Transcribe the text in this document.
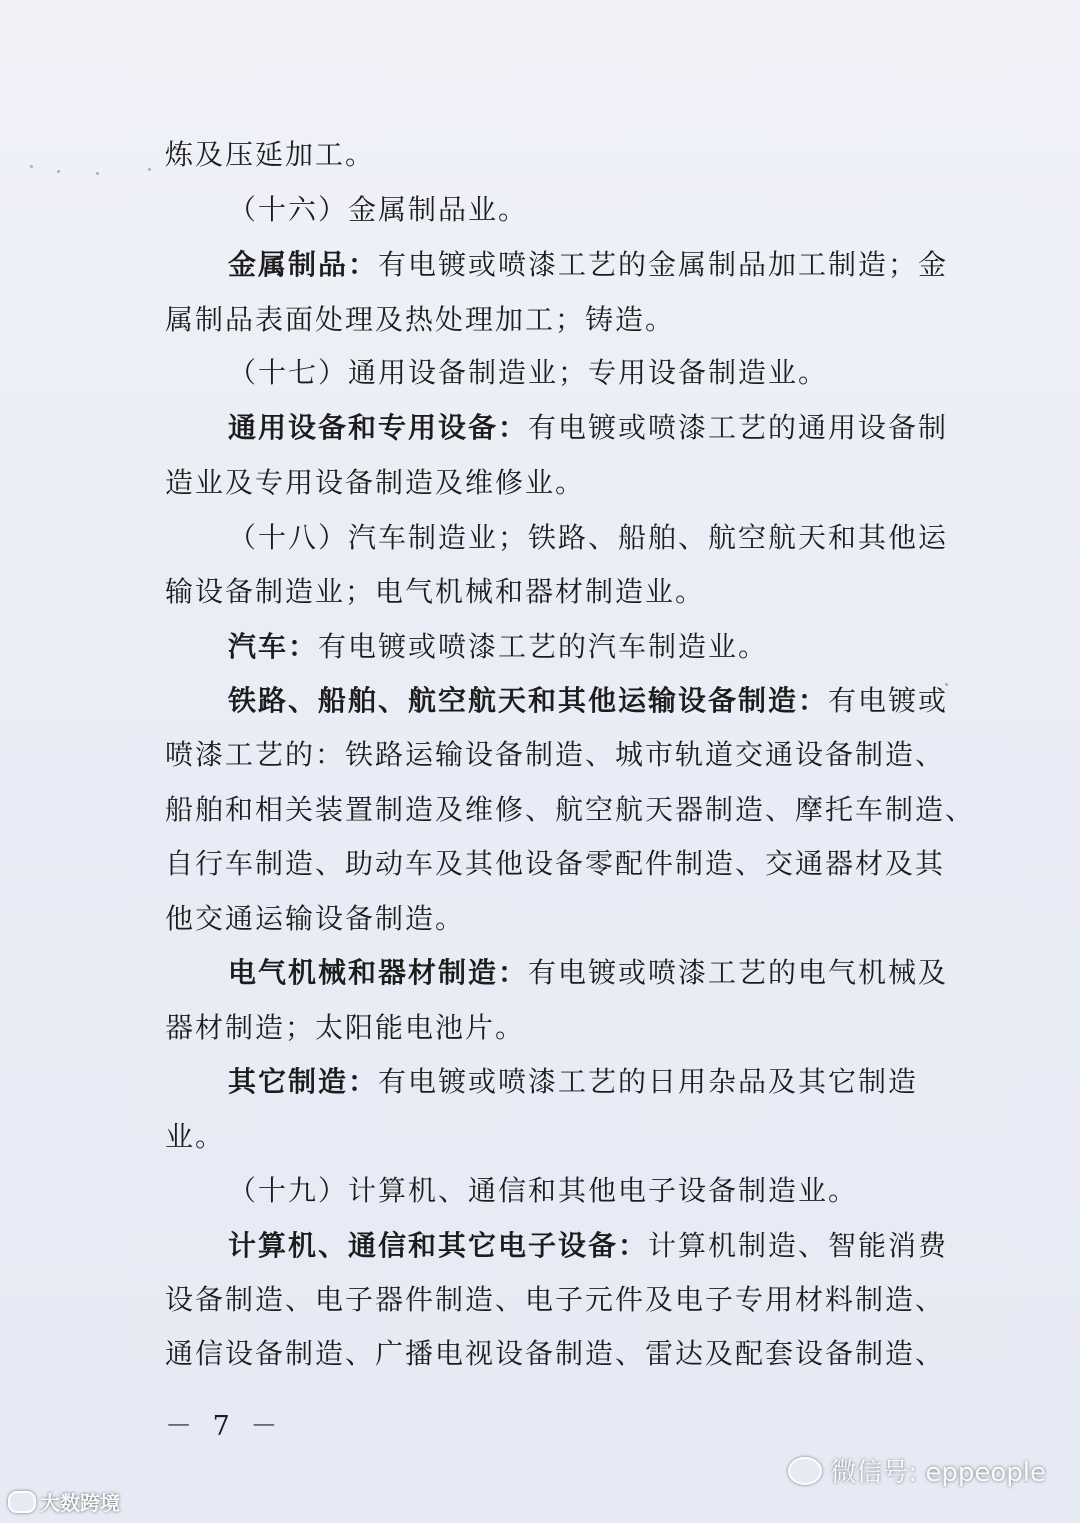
炼及压延加工。
（十六）金属制品业。
金属制品：有电镀或喷漆工艺的金属制品加工制造；金
属制品表面处理及热处理加工；铸造。
（十七）通用设备制造业；专用设备制造业。
通用设备和专用设备：有电镀或喷漆工艺的通用设备制
造业及专用设备制造及维修业。
（十八）汽车制造业；铁路、船舶、航空航天和其他运
输设备制造业；电气机械和器材制造业。
汽车：有电镀或喷漆工艺的汽车制造业。
铁路、船舶、航空航天和其他运输设备制造：有电镀或
喷漆工艺的：铁路运输设备制造、城市轨道交通设备制造、
船舶和相关装置制造及维修、航空航天器制造、摩托车制造、
自行车制造、助动车及其他设备零配件制造、交通器材及其
他交通运输设备制造。
电气机械和器材制造：有电镀或喷漆工艺的电气机械及
器材制造；太阳能电池片。
其它制造：有电镀或喷漆工艺的日用杂品及其它制造
业。
（十九）计算机、通信和其他电子设备制造业。
计算机、通信和其它电子设备：计算机制造、智能消费
设备制造、电子器件制造、电子元件及电子专用材料制造、
通信设备制造、广播电视设备制造、雷达及配套设备制造、
－ 7 －
微信号: eppeople
大数跨境
